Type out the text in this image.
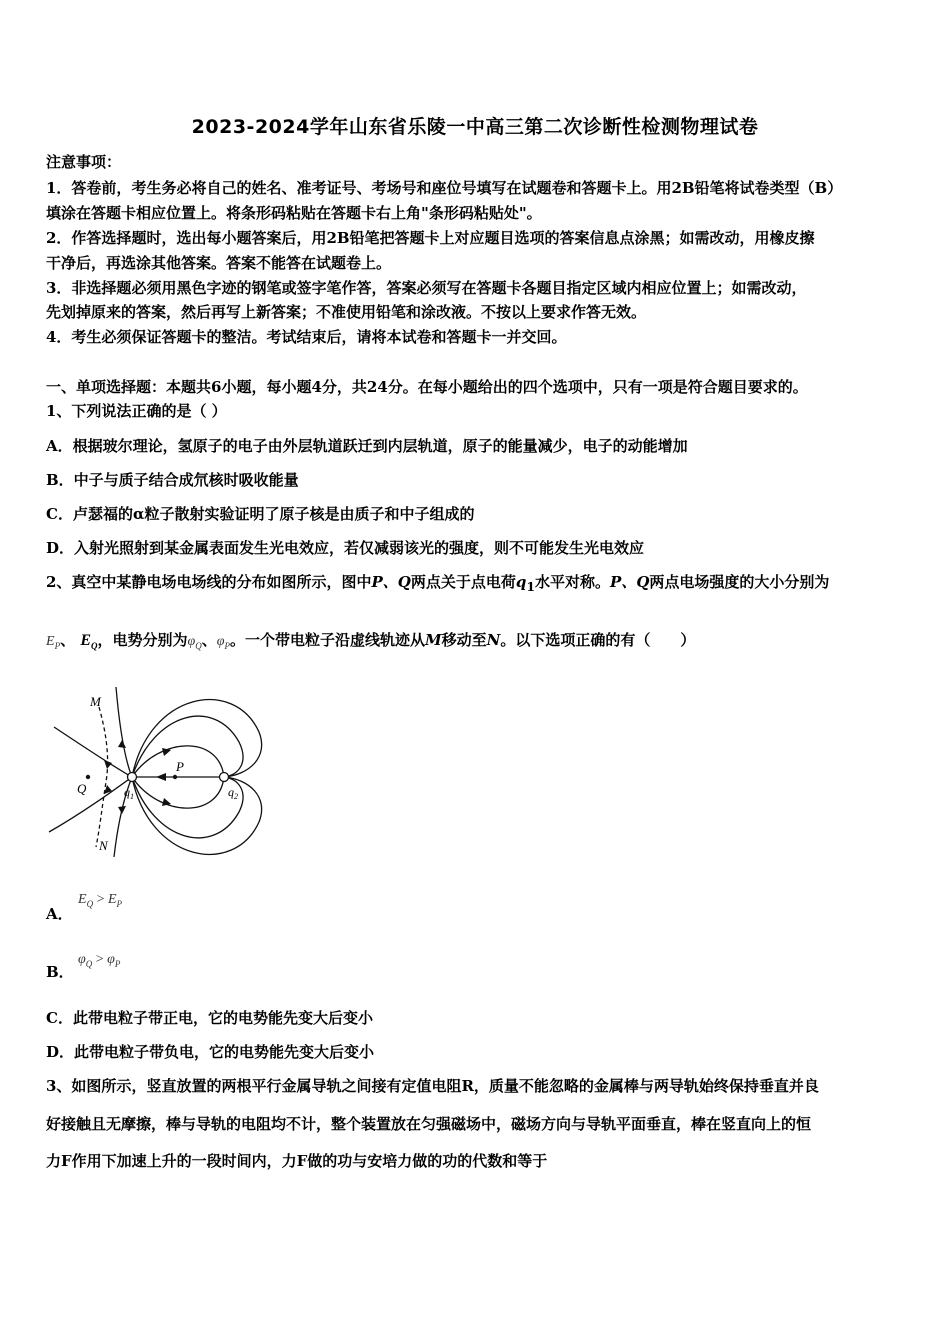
2023-2024学年山东省乐陵一中高三第二次诊断性检测物理试卷
注意事项：
1．答卷前，考生务必将自己的姓名、准考证号、考场号和座位号填写在试题卷和答题卡上。用2B铅笔将试卷类型（B）
填涂在答题卡相应位置上。将条形码粘贴在答题卡右上角"条形码粘贴处"。
2．作答选择题时，选出每小题答案后，用2B铅笔把答题卡上对应题目选项的答案信息点涂黑；如需改动，用橡皮擦
干净后，再选涂其他答案。答案不能答在试题卷上。
3．非选择题必须用黑色字迹的钢笔或签字笔作答，答案必须写在答题卡各题目指定区域内相应位置上；如需改动，
先划掉原来的答案，然后再写上新答案；不准使用铅笔和涂改液。不按以上要求作答无效。
4．考生必须保证答题卡的整洁。考试结束后，请将本试卷和答题卡一并交回。
一、单项选择题：本题共6小题，每小题4分，共24分。在每小题给出的四个选项中，只有一项是符合题目要求的。
1、下列说法正确的是（ ）
A．根据玻尔理论，氢原子的电子由外层轨道跃迁到内层轨道，原子的能量减少，电子的动能增加
B．中子与质子结合成氘核时吸收能量
C．卢瑟福的α粒子散射实验证明了原子核是由质子和中子组成的
D．入射光照射到某金属表面发生光电效应，若仅减弱该光的强度，则不可能发生光电效应
2、真空中某静电场电场线的分布如图所示，图中P、Q两点关于点电荷$q_1$水平对称。P、Q两点电场强度的大小分别为
$E_P$、 $E_Q$，电势分别为$\varphi_Q$、$\varphi_P$。一个带电粒子沿虚线轨迹从M移动至N。以下选项正确的有（　　）
M
P
Q
N
$q_1$	$q_2$
A．
$E_Q > E_P$
B．
$\varphi_Q > \varphi_P$
C．此带电粒子带正电，它的电势能先变大后变小
D．此带电粒子带负电，它的电势能先变大后变小
3、如图所示，竖直放置的两根平行金属导轨之间接有定值电阻R，质量不能忽略的金属棒与两导轨始终保持垂直并良
好接触且无摩擦，棒与导轨的电阻均不计，整个装置放在匀强磁场中，磁场方向与导轨平面垂直，棒在竖直向上的恒
力F作用下加速上升的一段时间内，力F做的功与安培力做的功的代数和等于
